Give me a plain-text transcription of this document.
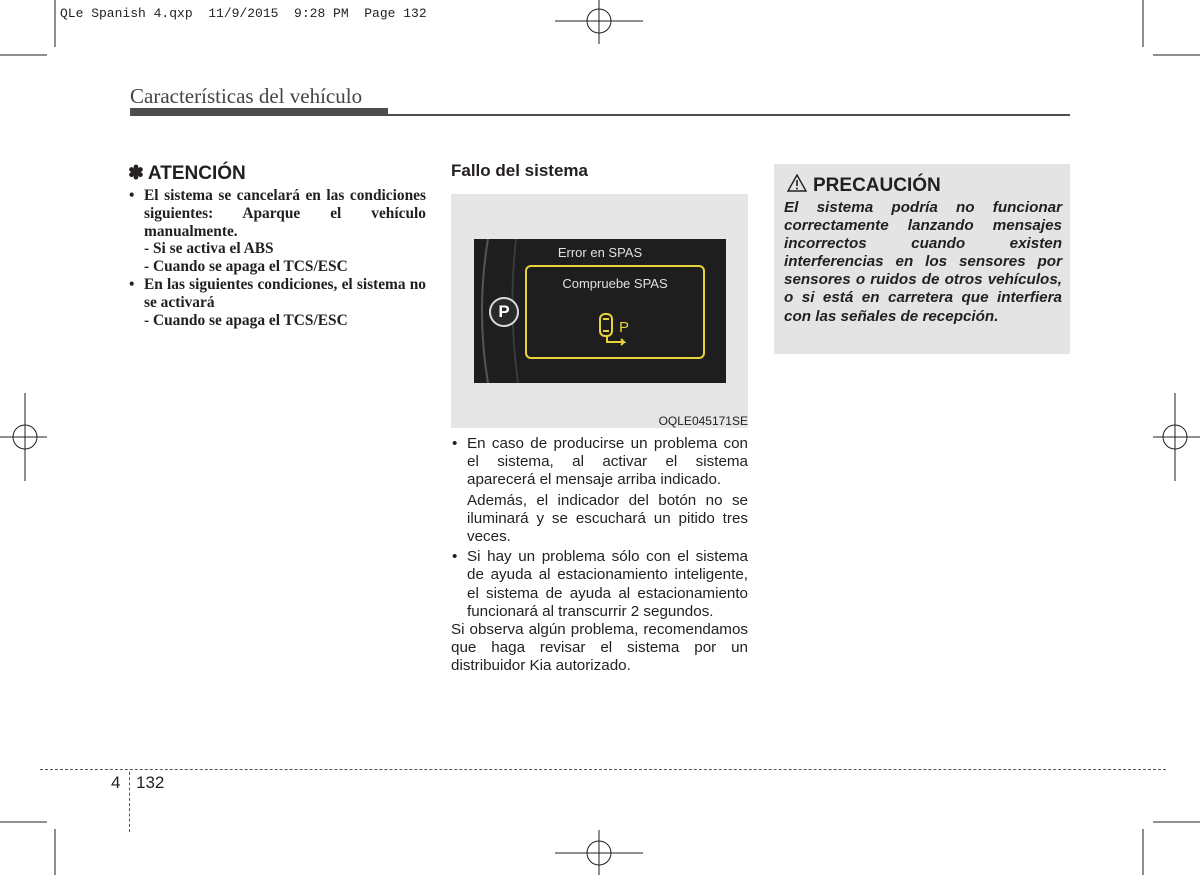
QLe Spanish 4.qxp  11/9/2015  9:28 PM  Page 132
Características del vehículo
✽ ATENCIÓN
• El sistema se cancelará en las condiciones siguientes: Aparque el vehículo manualmente.
- Si se activa el ABS
- Cuando se apaga el TCS/ESC
• En las siguientes condiciones, el sistema no se activará
- Cuando se apaga el TCS/ESC
Fallo del sistema
Error en SPAS
Compruebe SPAS
P
P
OQLE045171SE

• En caso de producirse un problema con el sistema, al activar el sistema aparecerá el mensaje arriba indicado.

Además, el indicador del botón no se iluminará y se escuchará un pitido tres veces.

• Si hay un problema sólo con el sistema de ayuda al estacionamiento inteligente, el sistema de ayuda al estacionamiento funcionará al transcurrir 2 segundos.

Si observa algún problema, recomendamos que haga revisar el sistema por un distribuidor Kia autorizado.

PRECAUCIÓN
El sistema podría no funcionar correctamente lanzando mensajes incorrectos cuando existen interferencias en los sensores por sensores o ruidos de otros vehículos, o si está en carretera que interfiera con las señales de recepción.
4 132
